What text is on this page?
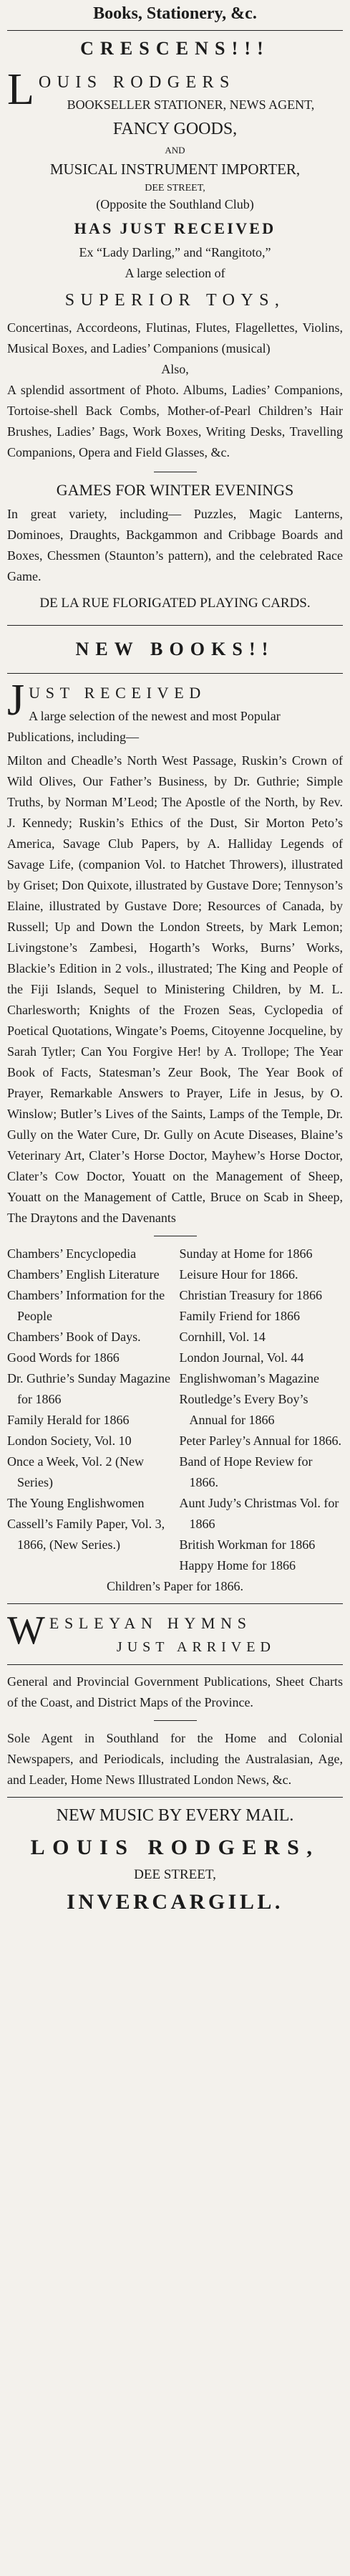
Books, Stationery, &c.
CRESCENS!!!
L OUIS RODGERS
BOOKSELLER STATIONER, NEWS AGENT,
FANCY GOODS,
AND
MUSICAL INSTRUMENT IMPORTER,
DEE STREET,
(Opposite the Southland Club)
HAS JUST RECEIVED
Ex “Lady Darling,” and “Rangitoto,”
A large selection of
SUPERIOR TOYS,

Concertinas, Accordeons, Flutinas, Flutes, Flagellettes, Violins, Musical Boxes, and Ladies’ Companions (musical)

Also,

A splendid assortment of Photo. Albums, Ladies’ Companions, Tortoise-shell Back Combs, Mother-of-Pearl Children’s Hair Brushes, Ladies’ Bags, Work Boxes, Writing Desks, Travelling Companions, Opera and Field Glasses, &c.

GAMES FOR WINTER EVENINGS

In great variety, including— Puzzles, Magic Lanterns, Dominoes, Draughts, Backgammon and Cribbage Boards and Boxes, Chessmen (Staunton’s pattern), and the celebrated Race Game.

DE LA RUE FLORIGATED PLAYING CARDS.

NEW BOOKS!!
J UST RECEIVED
A large selection of the newest and most Popular Publications, including—

Milton and Cheadle’s North West Passage, Ruskin’s Crown of Wild Olives, Our Father’s Business, by Dr. Guthrie; Simple Truths, by Norman M’Leod; The Apostle of the North, by Rev. J. Kennedy; Ruskin’s Ethics of the Dust, Sir Morton Peto’s America, Savage Club Papers, by A. Halliday Legends of Savage Life, (companion Vol. to Hatchet Throwers), illustrated by Griset; Don Quixote, illustrated by Gustave Dore; Tennyson’s Elaine, illustrated by Gustave Dore; Resources of Canada, by Russell; Up and Down the London Streets, by Mark Lemon; Livingstone’s Zambesi, Hogarth’s Works, Burns’ Works, Blackie’s Edition in 2 vols., illustrated; The King and People of the Fiji Islands, Sequel to Ministering Children, by M. L. Charlesworth; Knights of the Frozen Seas, Cyclopedia of Poetical Quotations, Wingate’s Poems, Citoyenne Jocqueline, by Sarah Tytler; Can You Forgive Her! by A. Trollope; The Year Book of Facts, Statesman’s Zeur Book, The Year Book of Prayer, Remarkable Answers to Prayer, Life in Jesus, by O. Winslow; Butler’s Lives of the Saints, Lamps of the Temple, Dr. Gully on the Water Cure, Dr. Gully on Acute Diseases, Blaine’s Veterinary Art, Clater’s Horse Doctor, Mayhew’s Horse Doctor, Clater’s Cow Doctor, Youatt on the Management of Sheep, Youatt on the Management of Cattle, Bruce on Scab in Sheep, The Draytons and the Davenants

Chambers’ Encyclopedia
Chambers’ English Literature
Chambers’ Information for the People
Chambers’ Book of Days.
Good Words for 1866
Dr. Guthrie’s Sunday Magazine for 1866
Family Herald for 1866
London Society, Vol. 10
Once a Week, Vol. 2 (New Series)
The Young Englishwomen
Cassell’s Family Paper, Vol. 3, 1866, (New Series.)
Sunday at Home for 1866
Leisure Hour for 1866.
Christian Treasury for 1866
Family Friend for 1866
Cornhill, Vol. 14
London Journal, Vol. 44
Englishwoman’s Magazine
Routledge’s Every Boy’s Annual for 1866
Peter Parley’s Annual for 1866.
Band of Hope Review for 1866.
Aunt Judy’s Christmas Vol. for 1866
British Workman for 1866
Happy Home for 1866
Children’s Paper for 1866.
W ESLEYAN HYMNS
JUST ARRIVED

General and Provincial Government Publications, Sheet Charts of the Coast, and District Maps of the Province.

Sole Agent in Southland for the Home and Colonial Newspapers, and Periodicals, including the Australasian, Age, and Leader, Home News Illustrated London News, &c.

NEW MUSIC BY EVERY MAIL.
LOUIS RODGERS,
DEE STREET,
INVERCARGILL.
